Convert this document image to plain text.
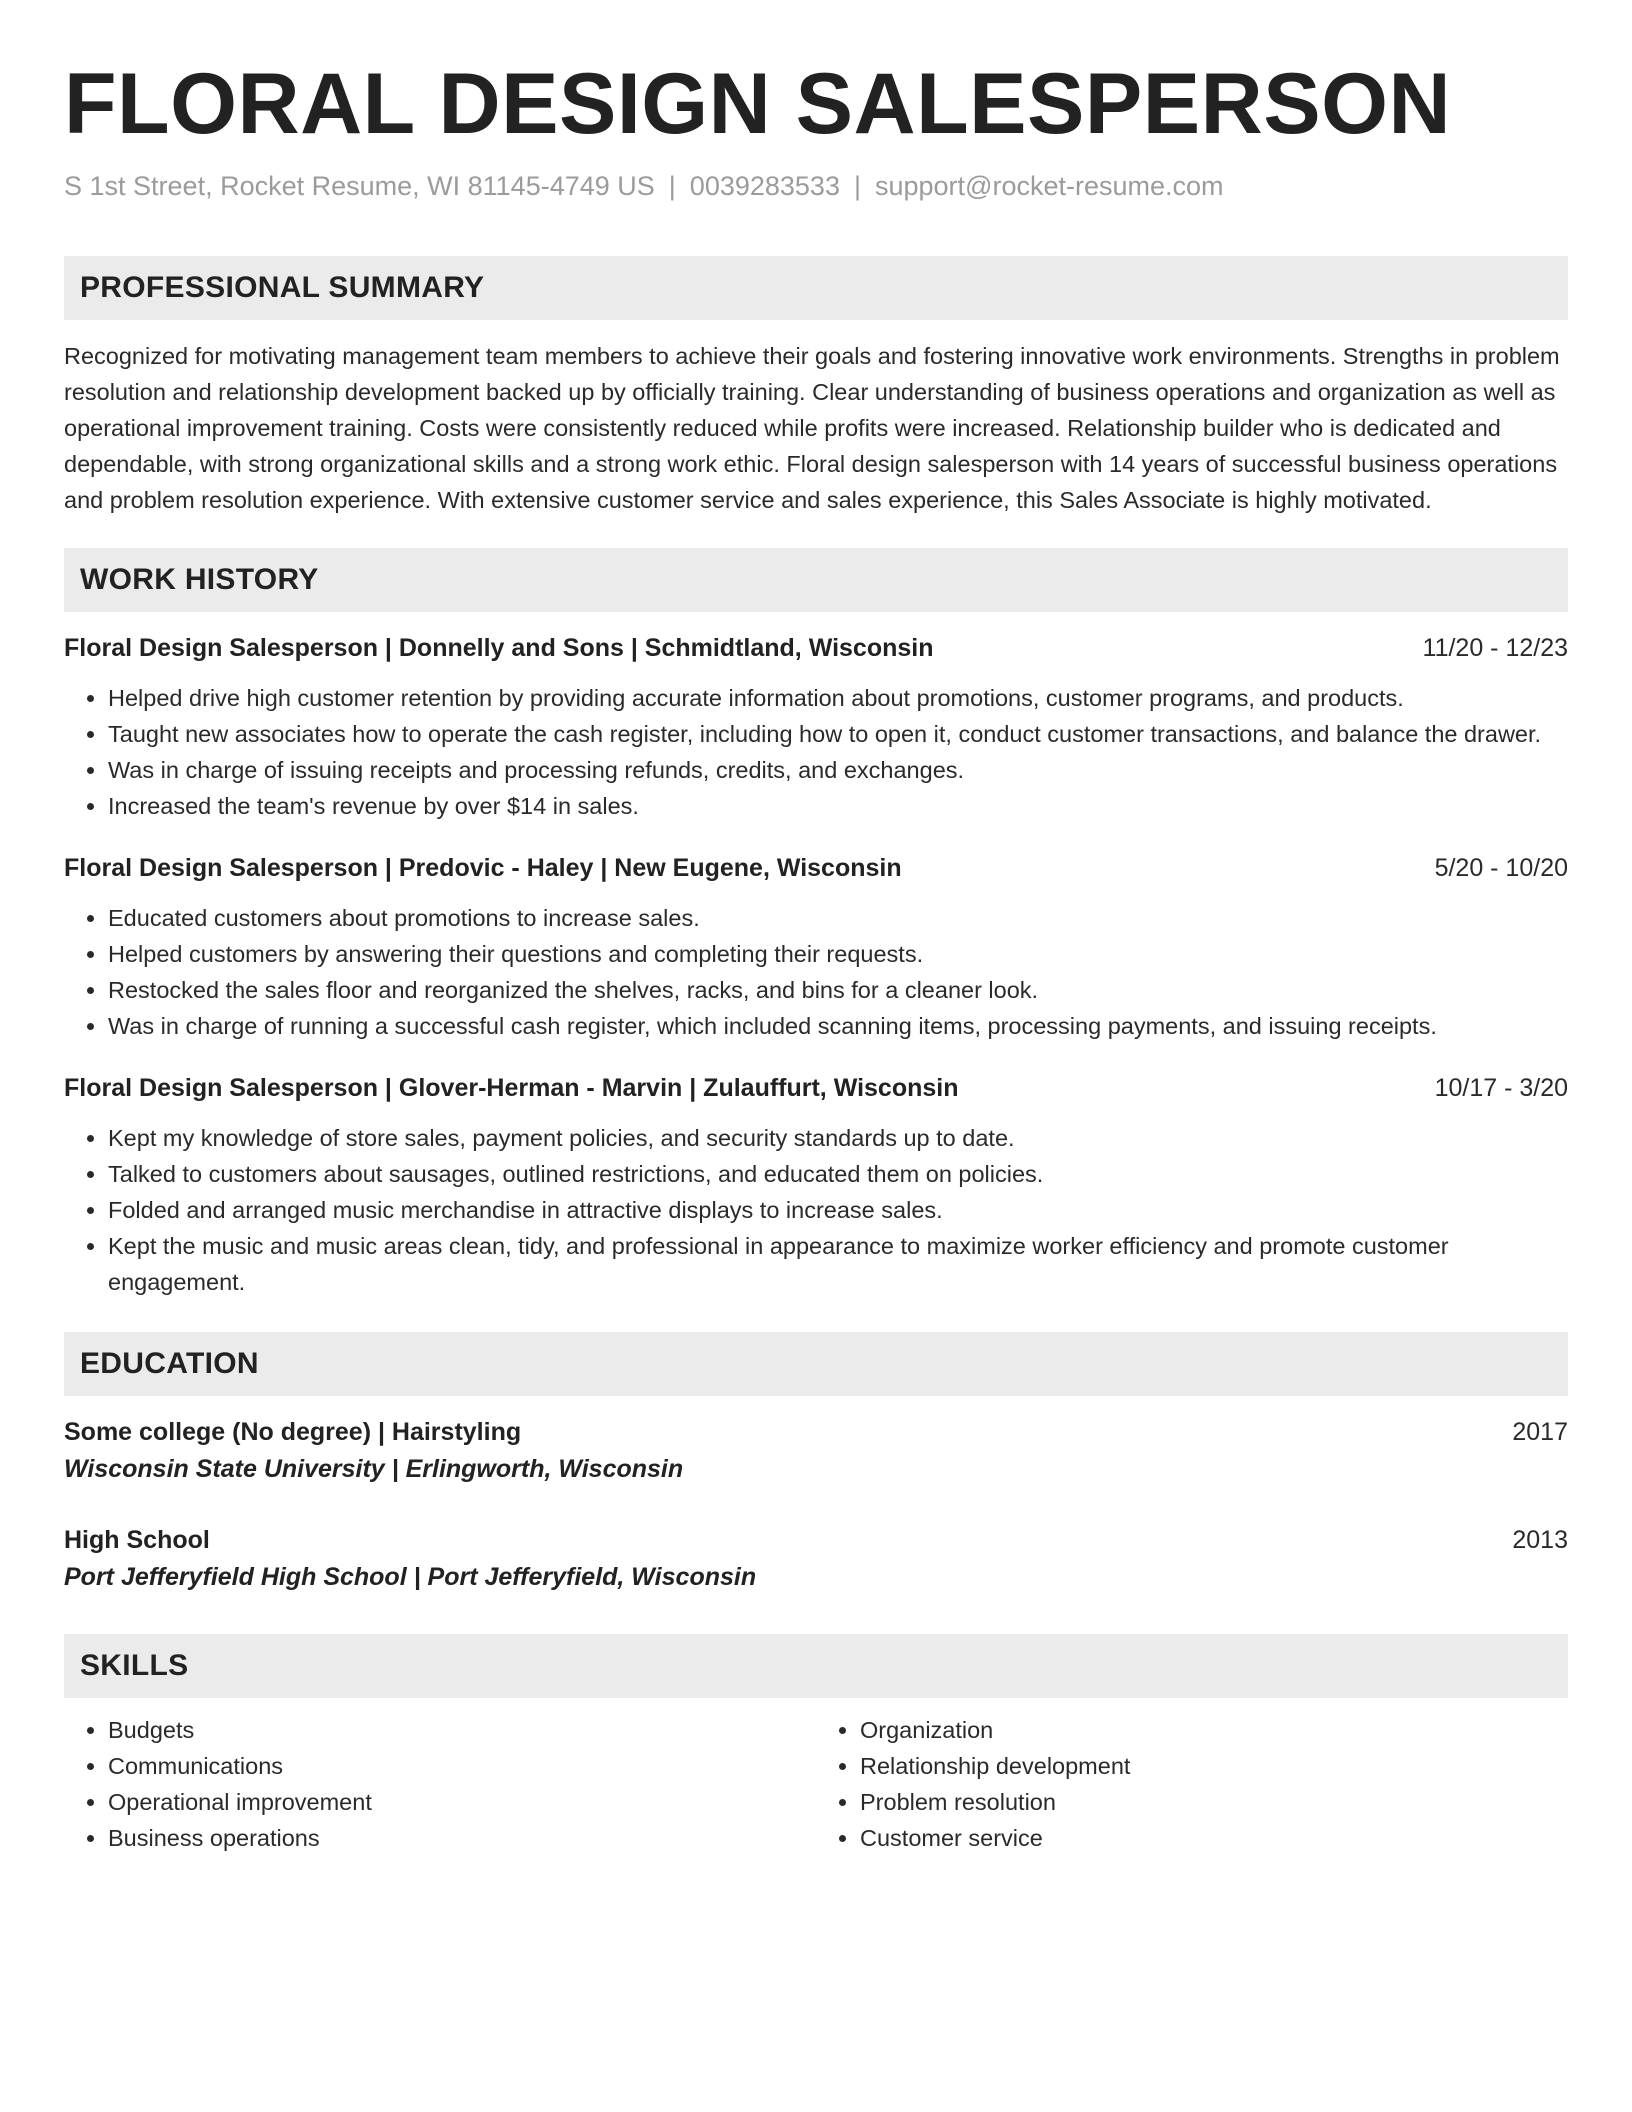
FLORAL DESIGN SALESPERSON
S 1st Street, Rocket Resume, WI 81145-4749 US | 0039283533 | support@rocket-resume.com
PROFESSIONAL SUMMARY

Recognized for motivating management team members to achieve their goals and fostering innovative work environments. Strengths in problem resolution and relationship development backed up by officially training. Clear understanding of business operations and organization as well as operational improvement training. Costs were consistently reduced while profits were increased. Relationship builder who is dedicated and dependable, with strong organizational skills and a strong work ethic. Floral design salesperson with 14 years of successful business operations and problem resolution experience. With extensive customer service and sales experience, this Sales Associate is highly motivated.

WORK HISTORY
Floral Design Salesperson | Donnelly and Sons | Schmidtland, Wisconsin	11/20 - 12/23
• Helped drive high customer retention by providing accurate information about promotions, customer programs, and products.
• Taught new associates how to operate the cash register, including how to open it, conduct customer transactions, and balance the drawer.
• Was in charge of issuing receipts and processing refunds, credits, and exchanges.
• Increased the team's revenue by over $14 in sales.
Floral Design Salesperson | Predovic - Haley | New Eugene, Wisconsin	5/20 - 10/20
• Educated customers about promotions to increase sales.
• Helped customers by answering their questions and completing their requests.
• Restocked the sales floor and reorganized the shelves, racks, and bins for a cleaner look.
• Was in charge of running a successful cash register, which included scanning items, processing payments, and issuing receipts.
Floral Design Salesperson | Glover-Herman - Marvin | Zulauffurt, Wisconsin	10/17 - 3/20
• Kept my knowledge of store sales, payment policies, and security standards up to date.
• Talked to customers about sausages, outlined restrictions, and educated them on policies.
• Folded and arranged music merchandise in attractive displays to increase sales.
• Kept the music and music areas clean, tidy, and professional in appearance to maximize worker efficiency and promote customer engagement.
EDUCATION
Some college (No degree) | Hairstyling	2017
Wisconsin State University | Erlingworth, Wisconsin
High School	2013
Port Jefferyfield High School | Port Jefferyfield, Wisconsin
SKILLS
• Budgets
• Communications
• Operational improvement
• Business operations
• Organization
• Relationship development
• Problem resolution
• Customer service
